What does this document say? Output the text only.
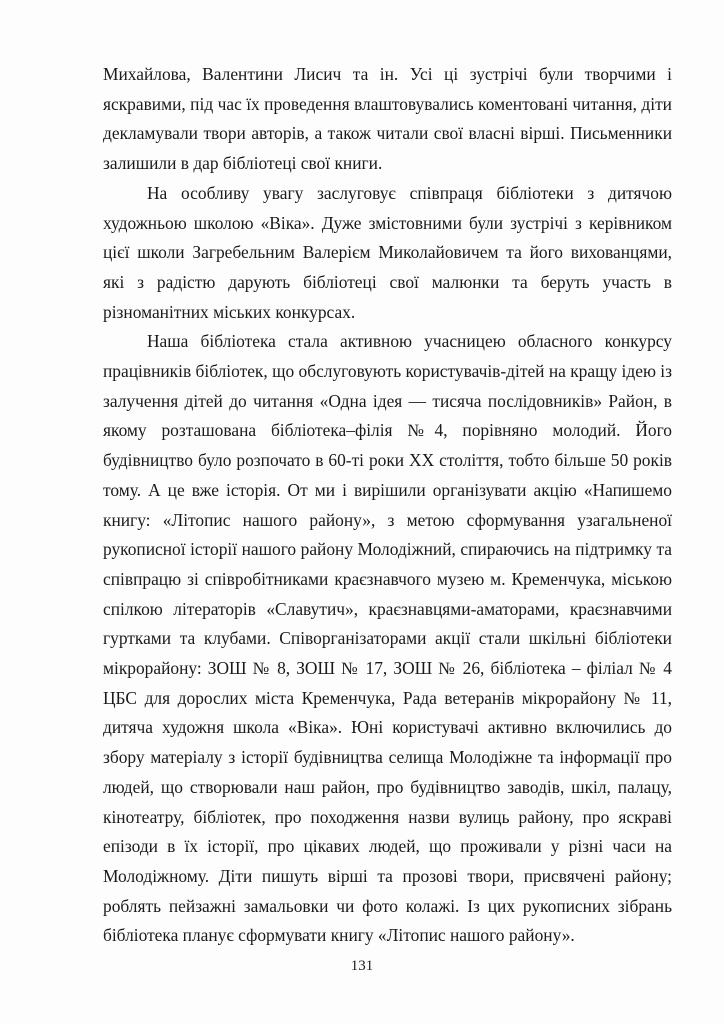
Михайлова, Валентини Лисич та ін. Усі ці зустрічі були творчими і яскравими, під час їх проведення влаштовувались коментовані читання, діти декламували твори авторів, а також читали свої власні вірші. Письменники залишили в дар бібліотеці свої книги.

На особливу увагу заслуговує співпраця бібліотеки з дитячою художньою школою «Віка». Дуже змістовними були зустрічі з керівником цієї школи Загребельним Валерієм Миколайовичем та його вихованцями, які з радістю дарують бібліотеці свої малюнки та беруть участь в різноманітних міських конкурсах.

Наша бібліотека стала активною учасницею обласного конкурсу працівників бібліотек, що обслуговують користувачів-дітей на кращу ідею із залучення дітей до читання «Одна ідея — тисяча послідовників» Район, в якому розташована бібліотека–філія №4, порівняно молодий. Його будівництво було розпочато в 60-ті роки XX століття, тобто більше 50 років тому. А це вже історія. От ми і вирішили організувати акцію «Напишемо книгу: «Літопис нашого району», з метою сформування узагальненої рукописної історії нашого району Молодіжний, спираючись на підтримку та співпрацю зі співробітниками краєзнавчого музею м. Кременчука, міською спілкою літераторів «Славутич», краєзнавцями-аматорами, краєзнавчими гуртками та клубами. Співорганізаторами акції стали шкільні бібліотеки мікрорайону: ЗОШ № 8, ЗОШ № 17, ЗОШ № 26, бібліотека – філіал № 4 ЦБС для дорослих міста Кременчука, Рада ветеранів мікрорайону № 11, дитяча художня школа «Віка». Юні користувачі активно включились до збору матеріалу з історії будівництва селища Молодіжне та інформації про людей, що створювали наш район, про будівництво заводів, шкіл, палацу, кінотеатру, бібліотек, про походження назви вулиць району, про яскраві епізоди в їх історії, про цікавих людей, що проживали у різні часи на Молодіжному. Діти пишуть вірші та прозові твори, присвячені району; роблять пейзажні замальовки чи фото колажі. Із цих рукописних зібрань бібліотека планує сформувати книгу «Літопис нашого району».

131
